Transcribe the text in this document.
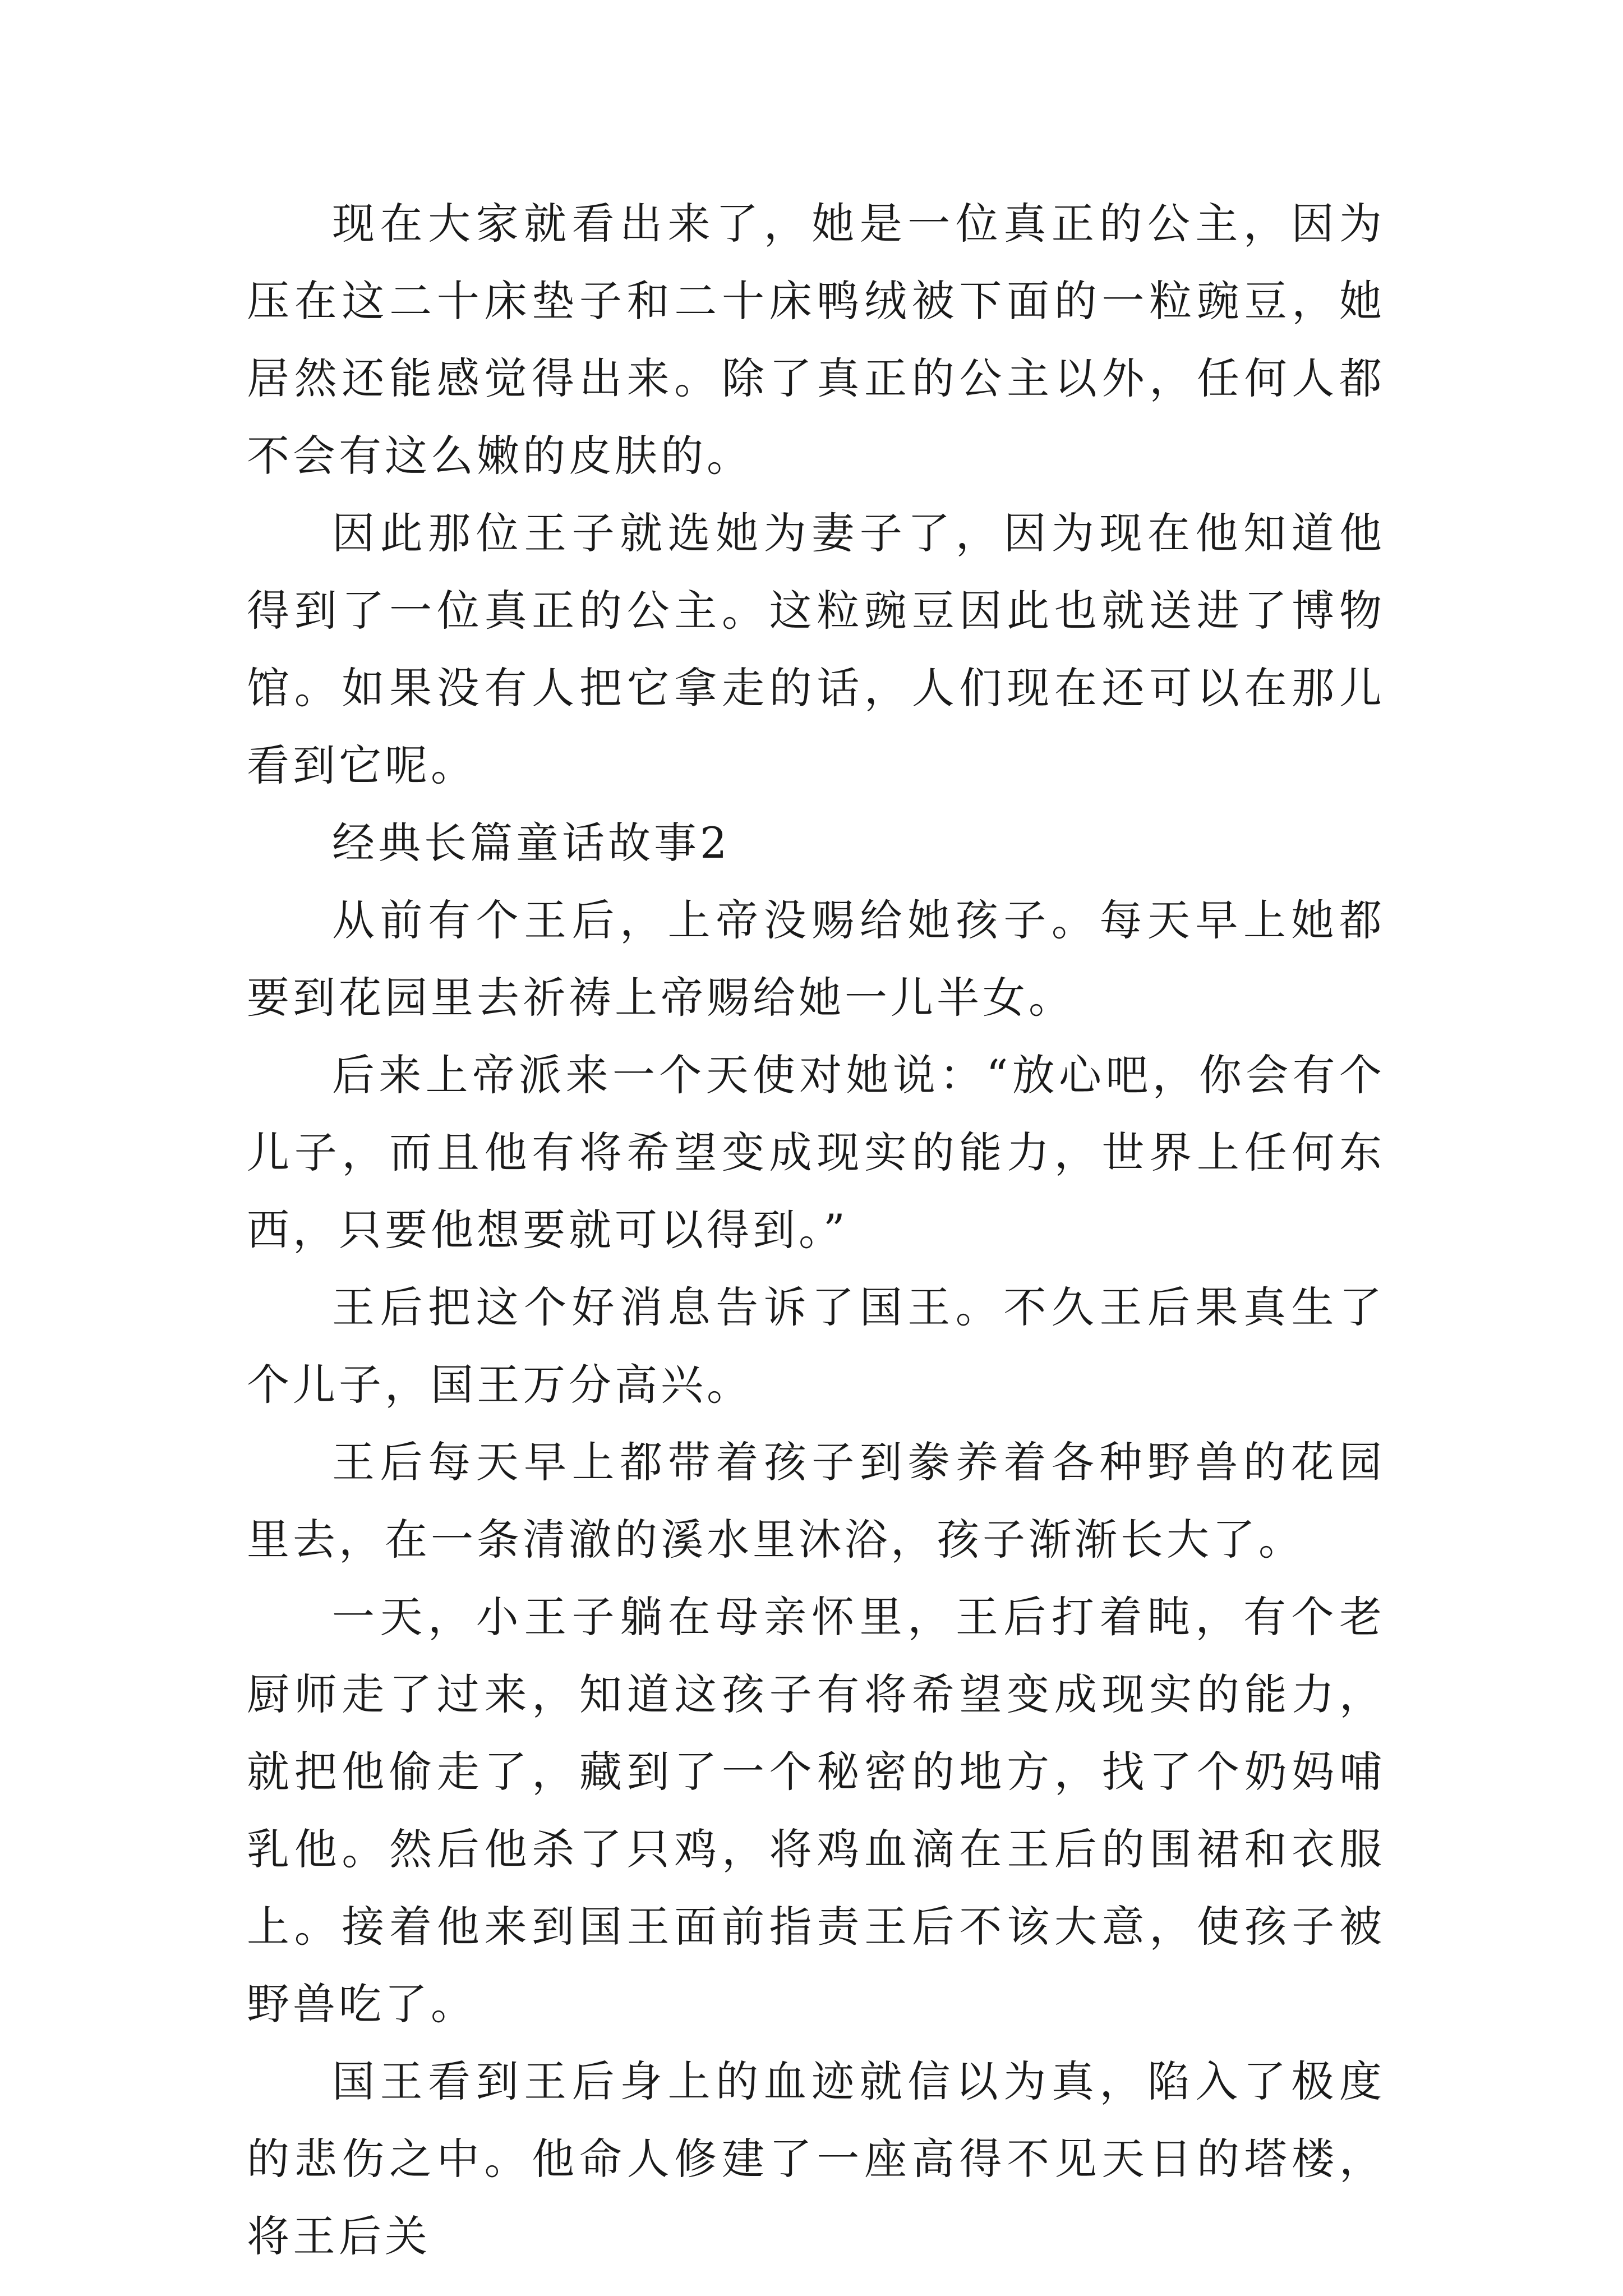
现在大家就看出来了，她是一位真正的公主，因为压在这二十床垫子和二十床鸭绒被下面的一粒豌豆，她居然还能感觉得出来。除了真正的公主以外，任何人都不会有这么嫩的皮肤的。

因此那位王子就选她为妻子了，因为现在他知道他得到了一位真正的公主。这粒豌豆因此也就送进了博物馆。如果没有人把它拿走的话，人们现在还可以在那儿看到它呢。

经典长篇童话故事2

从前有个王后，上帝没赐给她孩子。每天早上她都要到花园里去祈祷上帝赐给她一儿半女。

后来上帝派来一个天使对她说：“放心吧，你会有个儿子，而且他有将希望变成现实的能力，世界上任何东西，只要他想要就可以得到。”

王后把这个好消息告诉了国王。不久王后果真生了个儿子，国王万分高兴。

王后每天早上都带着孩子到豢养着各种野兽的花园里去，在一条清澈的溪水里沐浴，孩子渐渐长大了。

一天，小王子躺在母亲怀里，王后打着盹，有个老厨师走了过来，知道这孩子有将希望变成现实的能力，就把他偷走了，藏到了一个秘密的地方，找了个奶妈哺乳他。然后他杀了只鸡，将鸡血滴在王后的围裙和衣服上。接着他来到国王面前指责王后不该大意，使孩子被野兽吃了。

国王看到王后身上的血迹就信以为真，陷入了极度的悲伤之中。他命人修建了一座高得不见天日的塔楼，将王后关
